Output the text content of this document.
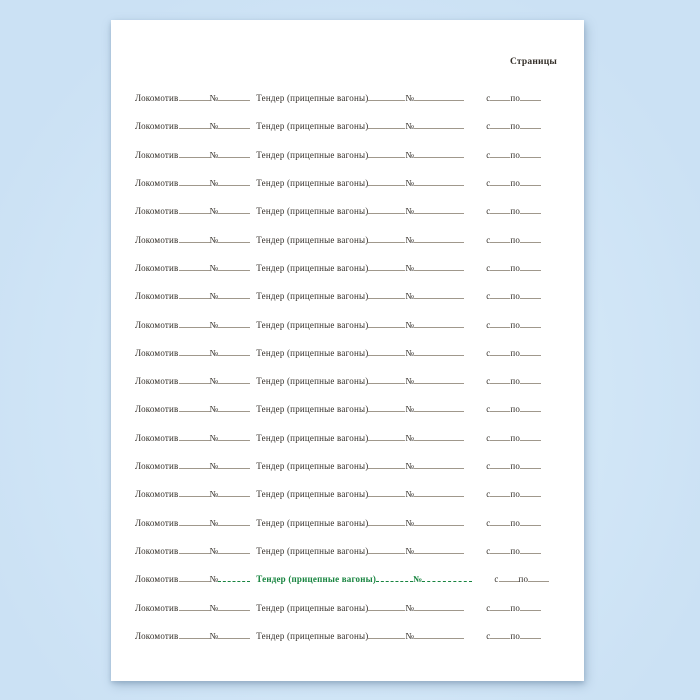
Страницы
Локомотив	№	Тендер (прицепные вагоны)	№	с по
Локомотив	№	Тендер (прицепные вагоны)	№	с по
Локомотив	№	Тендер (прицепные вагоны)	№	с по
Локомотив	№	Тендер (прицепные вагоны)	№	с по
Локомотив	№	Тендер (прицепные вагоны)	№	с по
Локомотив	№	Тендер (прицепные вагоны)	№	с по
Локомотив	№	Тендер (прицепные вагоны)	№	с по
Локомотив	№	Тендер (прицепные вагоны)	№	с по
Локомотив	№	Тендер (прицепные вагоны)	№	с по
Локомотив	№	Тендер (прицепные вагоны)	№	с по
Локомотив	№	Тендер (прицепные вагоны)	№	с по
Локомотив	№	Тендер (прицепные вагоны)	№	с по
Локомотив	№	Тендер (прицепные вагоны)	№	с по
Локомотив	№	Тендер (прицепные вагоны)	№	с по
Локомотив	№	Тендер (прицепные вагоны)	№	с по
Локомотив	№	Тендер (прицепные вагоны)	№	с по
Локомотив	№	Тендер (прицепные вагоны)	№	с по
Локомотив	№	Тендер (прицепные вагоны)	№	с по
Локомотив	№	Тендер (прицепные вагоны)	№	с по
Локомотив	№	Тендер (прицепные вагоны)	№	с по
